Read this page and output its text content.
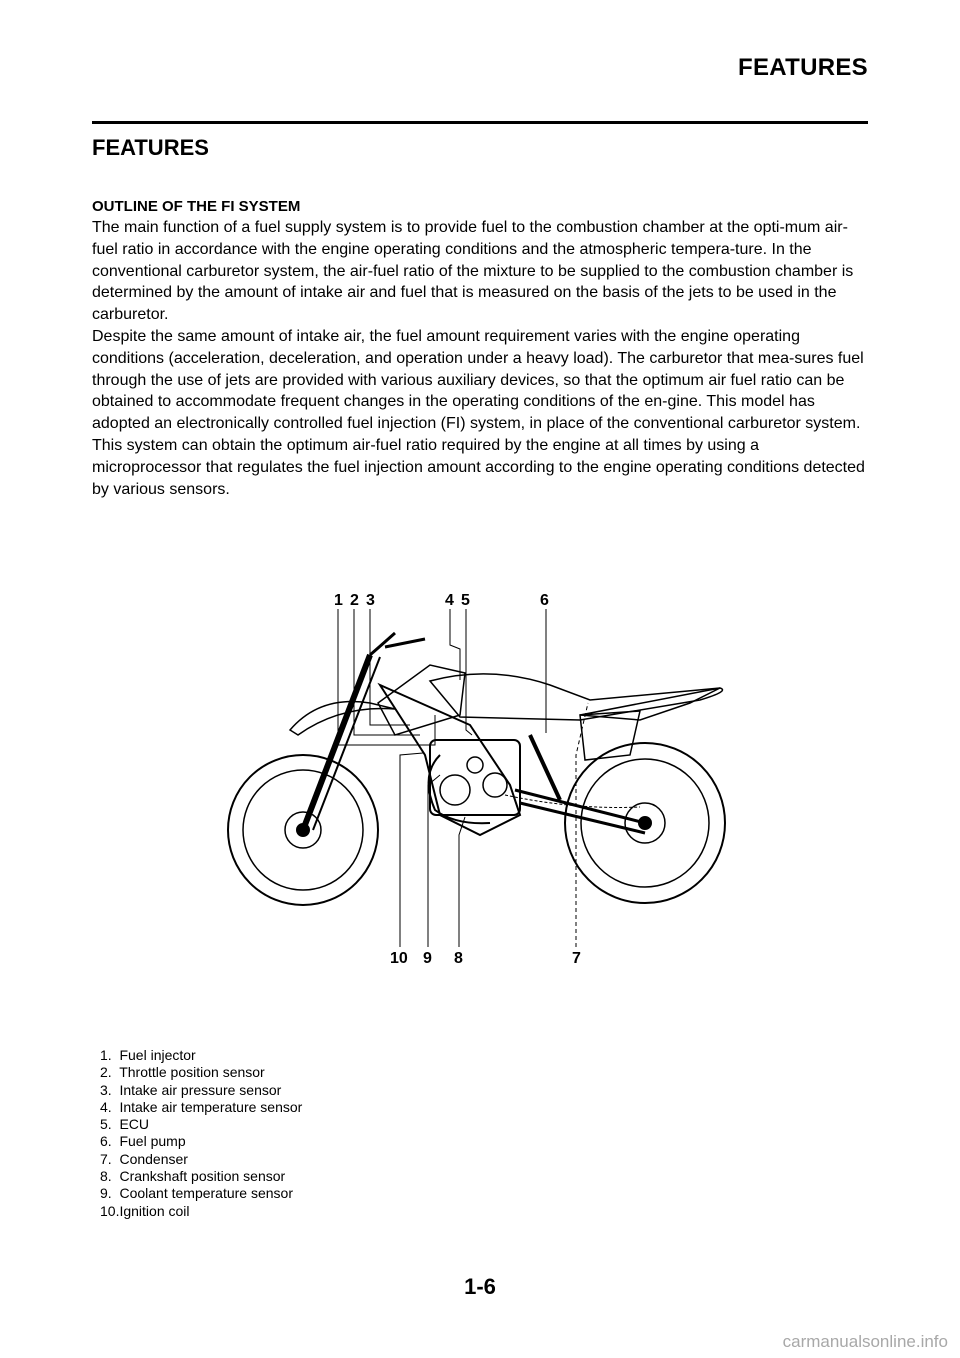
FEATURES
FEATURES
OUTLINE OF THE FI SYSTEM

The main function of a fuel supply system is to provide fuel to the combustion chamber at the opti-mum air-fuel ratio in accordance with the engine operating conditions and the atmospheric tempera-ture. In the conventional carburetor system, the air-fuel ratio of the mixture to be supplied to the combustion chamber is determined by the amount of intake air and fuel that is measured on the basis of the jets to be used in the carburetor.

Despite the same amount of intake air, the fuel amount requirement varies with the engine operating conditions (acceleration, deceleration, and operation under a heavy load). The carburetor that mea-sures fuel through the use of jets are provided with various auxiliary devices, so that the optimum air fuel ratio can be obtained to accommodate frequent changes in the operating conditions of the en-gine. This model has adopted an electronically controlled fuel injection (FI) system, in place of the conventional carburetor system. This system can obtain the optimum air-fuel ratio required by the engine at all times by using a microprocessor that regulates the fuel injection amount according to the engine operating conditions detected by various sensors.

1 2 3	4 5	6
7
8
9
10
1.  Fuel injector
2.  Throttle position sensor
3.  Intake air pressure sensor
4.  Intake air temperature sensor
5.  ECU
6.  Fuel pump
7.  Condenser
8.  Crankshaft position sensor
9.  Coolant temperature sensor
10.Ignition coil
1-6
carmanualsonline.info
